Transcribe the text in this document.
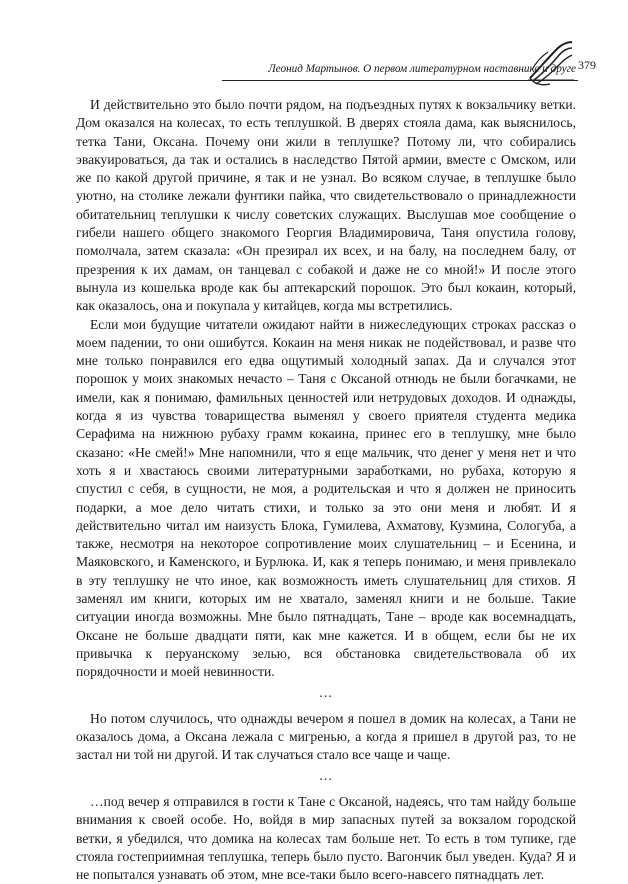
Леонид Мартынов. О первом литературном наставнике и друге 379

И действительно это было почти рядом, на подъездных путях к вокзальчику ветки. Дом оказался на колесах, то есть теплушкой. В дверях стояла дама, как выяснилось, тетка Тани, Оксана. Почему они жили в теплушке? Потому ли, что собирались эвакуироваться, да так и остались в наследство Пятой армии, вместе с Омском, или же по какой другой причине, я так и не узнал. Во всяком случае, в теплушке было уютно, на столике лежали фунтики пайка, что свидетельствовало о принадлежности обитательниц теплушки к числу советских служащих. Выслушав мое сообщение о гибели нашего общего знакомого Георгия Владимировича, Таня опустила голову, помолчала, затем сказала: «Он презирал их всех, и на балу, на последнем балу, от презрения к их дамам, он танцевал с собакой и даже не со мной!» И после этого вынула из кошелька вроде как бы аптекарский порошок. Это был кокаин, который, как оказалось, она и покупала у китайцев, когда мы встретились.

Если мои будущие читатели ожидают найти в нижеследующих строках рассказ о моем падении, то они ошибутся. Кокаин на меня никак не подействовал, и разве что мне только понравился его едва ощутимый холодный запах. Да и случался этот порошок у моих знакомых нечасто – Таня с Оксаной отнюдь не были богачками, не имели, как я понимаю, фамильных ценностей или нетрудовых доходов. И однажды, когда я из чувства товарищества выменял у своего приятеля студента медика Серафима на нижнюю рубаху грамм кокаина, принес его в теплушку, мне было сказано: «Не смей!» Мне напомнили, что я еще мальчик, что денег у меня нет и что хоть я и хвастаюсь своими литературными заработками, но рубаха, которую я спустил с себя, в сущности, не моя, а родительская и что я должен не приносить подарки, а мое дело читать стихи, и только за это они меня и любят. И я действительно читал им наизусть Блока, Гумилева, Ахматову, Кузмина, Сологуба, а также, несмотря на некоторое сопротивление моих слушательниц – и Есенина, и Маяковского, и Каменского, и Бурлюка. И, как я теперь понимаю, и меня привлекало в эту теплушку не что иное, как возможность иметь слушательниц для стихов. Я заменял им книги, которых им не хватало, заменял книги и не больше. Такие ситуации иногда возможны. Мне было пятнадцать, Тане – вроде как восемнадцать, Оксане не больше двадцати пяти, как мне кажется. И в общем, если бы не их привычка к перуанскому зелью, вся обстановка свидетельствовала об их порядочности и моей невинности.

…

Но потом случилось, что однажды вечером я пошел в домик на колесах, а Тани не оказалось дома, а Оксана лежала с мигренью, а когда я пришел в другой раз, то не застал ни той ни другой. И так случаться стало все чаще и чаще.

…

…под вечер я отправился в гости к Тане с Оксаной, надеясь, что там найду больше внимания к своей особе. Но, войдя в мир запасных путей за вокзалом городской ветки, я убедился, что домика на колесах там больше нет. То есть в том тупике, где стояла гостеприимная теплушка, теперь было пусто. Вагончик был уведен. Куда? Я и не попытался узнавать об этом, мне все-таки было всего-навсего пятнадцать лет.
